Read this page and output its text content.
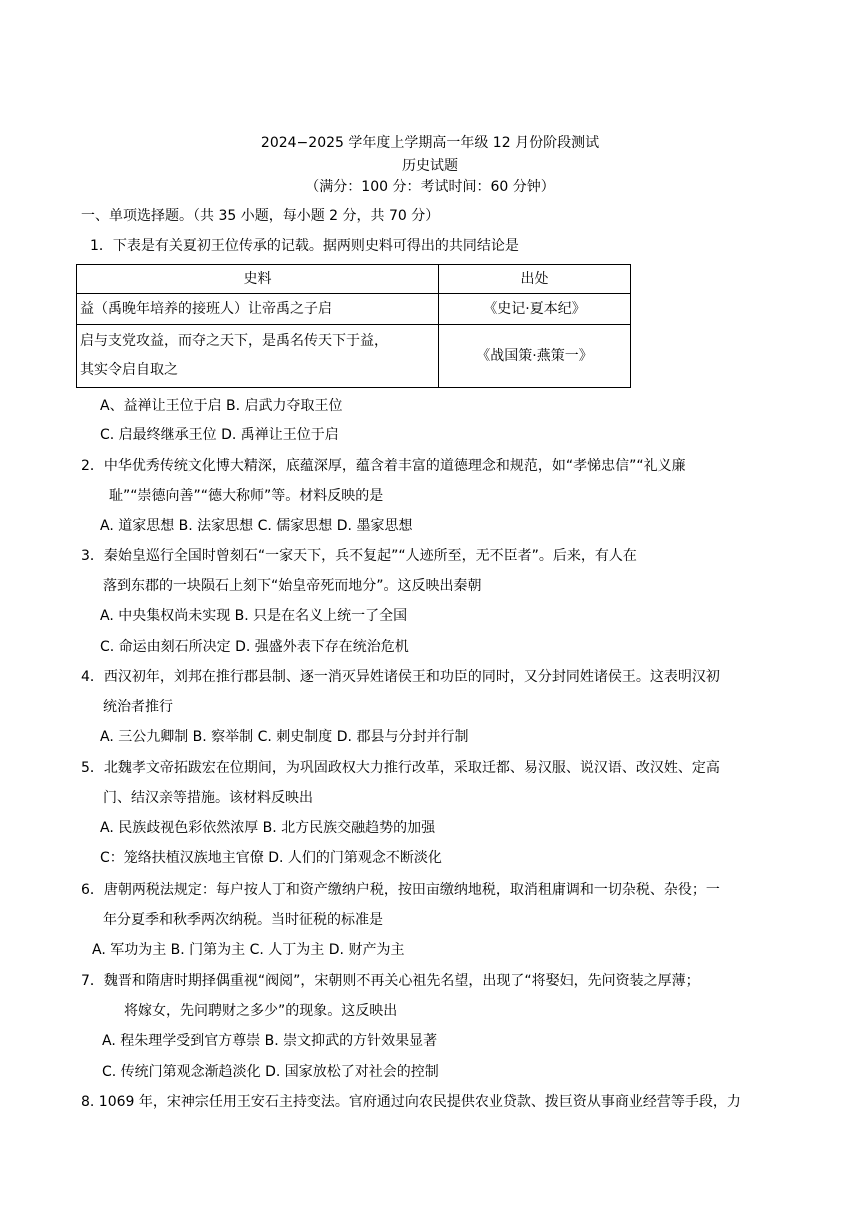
2024−2025 学年度上学期高一年级 12 月份阶段测试
历史试题
（满分：100 分：考试时间：60 分钟）
一、单项选择题。（共 35 小题，每小题 2 分，共 70 分）
1．下表是有关夏初王位传承的记载。据两则史料可得出的共同结论是
史料	出处

益（禹晚年培养的接班人）让帝禹之子启	《史记·夏本纪》

启与支党攻益，而夺之天下，是禹名传天下于益，
其实令启自取之	《战国策·燕策一》
A、益禅让王位于启 B. 启武力夺取王位
C. 启最终继承王位 D. 禹禅让王位于启
2．中华优秀传统文化博大精深，底蕴深厚，蕴含着丰富的道德理念和规范，如“孝悌忠信”“礼义廉
耻”“崇德向善”“德大称师”等。材料反映的是
A. 道家思想 B. 法家思想 C. 儒家思想 D. 墨家思想
3．秦始皇巡行全国时曾刻石“一家天下，兵不复起”“人迹所至，无不臣者”。后来，有人在
落到东郡的一块陨石上刻下“始皇帝死而地分”。这反映出秦朝
A. 中央集权尚未实现 B. 只是在名义上统一了全国
C. 命运由刻石所决定 D. 强盛外表下存在统治危机
4．西汉初年，刘邦在推行郡县制、逐一消灭异姓诸侯王和功臣的同时，又分封同姓诸侯王。这表明汉初
统治者推行
A. 三公九卿制 B. 察举制 C. 刺史制度 D. 郡县与分封并行制
5．北魏孝文帝拓跋宏在位期间，为巩固政权大力推行改革，采取迁都、易汉服、说汉语、改汉姓、定高
门、结汉亲等措施。该材料反映出
A. 民族歧视色彩依然浓厚 B. 北方民族交融趋势的加强
C：笼络扶植汉族地主官僚 D. 人们的门第观念不断淡化
6．唐朝两税法规定：每户按人丁和资产缴纳户税，按田亩缴纳地税，取消租庸调和一切杂税、杂役；一
年分夏季和秋季两次纳税。当时征税的标准是
A. 军功为主 B. 门第为主 C. 人丁为主 D. 财产为主
7．魏晋和隋唐时期择偶重视“阀阅”，宋朝则不再关心祖先名望，出现了“将娶妇，先问资装之厚薄；
将嫁女，先问聘财之多少”的现象。这反映出
A. 程朱理学受到官方尊崇 B. 崇文抑武的方针效果显著
C. 传统门第观念渐趋淡化 D. 国家放松了对社会的控制
8. 1069 年，宋神宗任用王安石主持变法。官府通过向农民提供农业贷款、拨巨资从事商业经营等手段，力
